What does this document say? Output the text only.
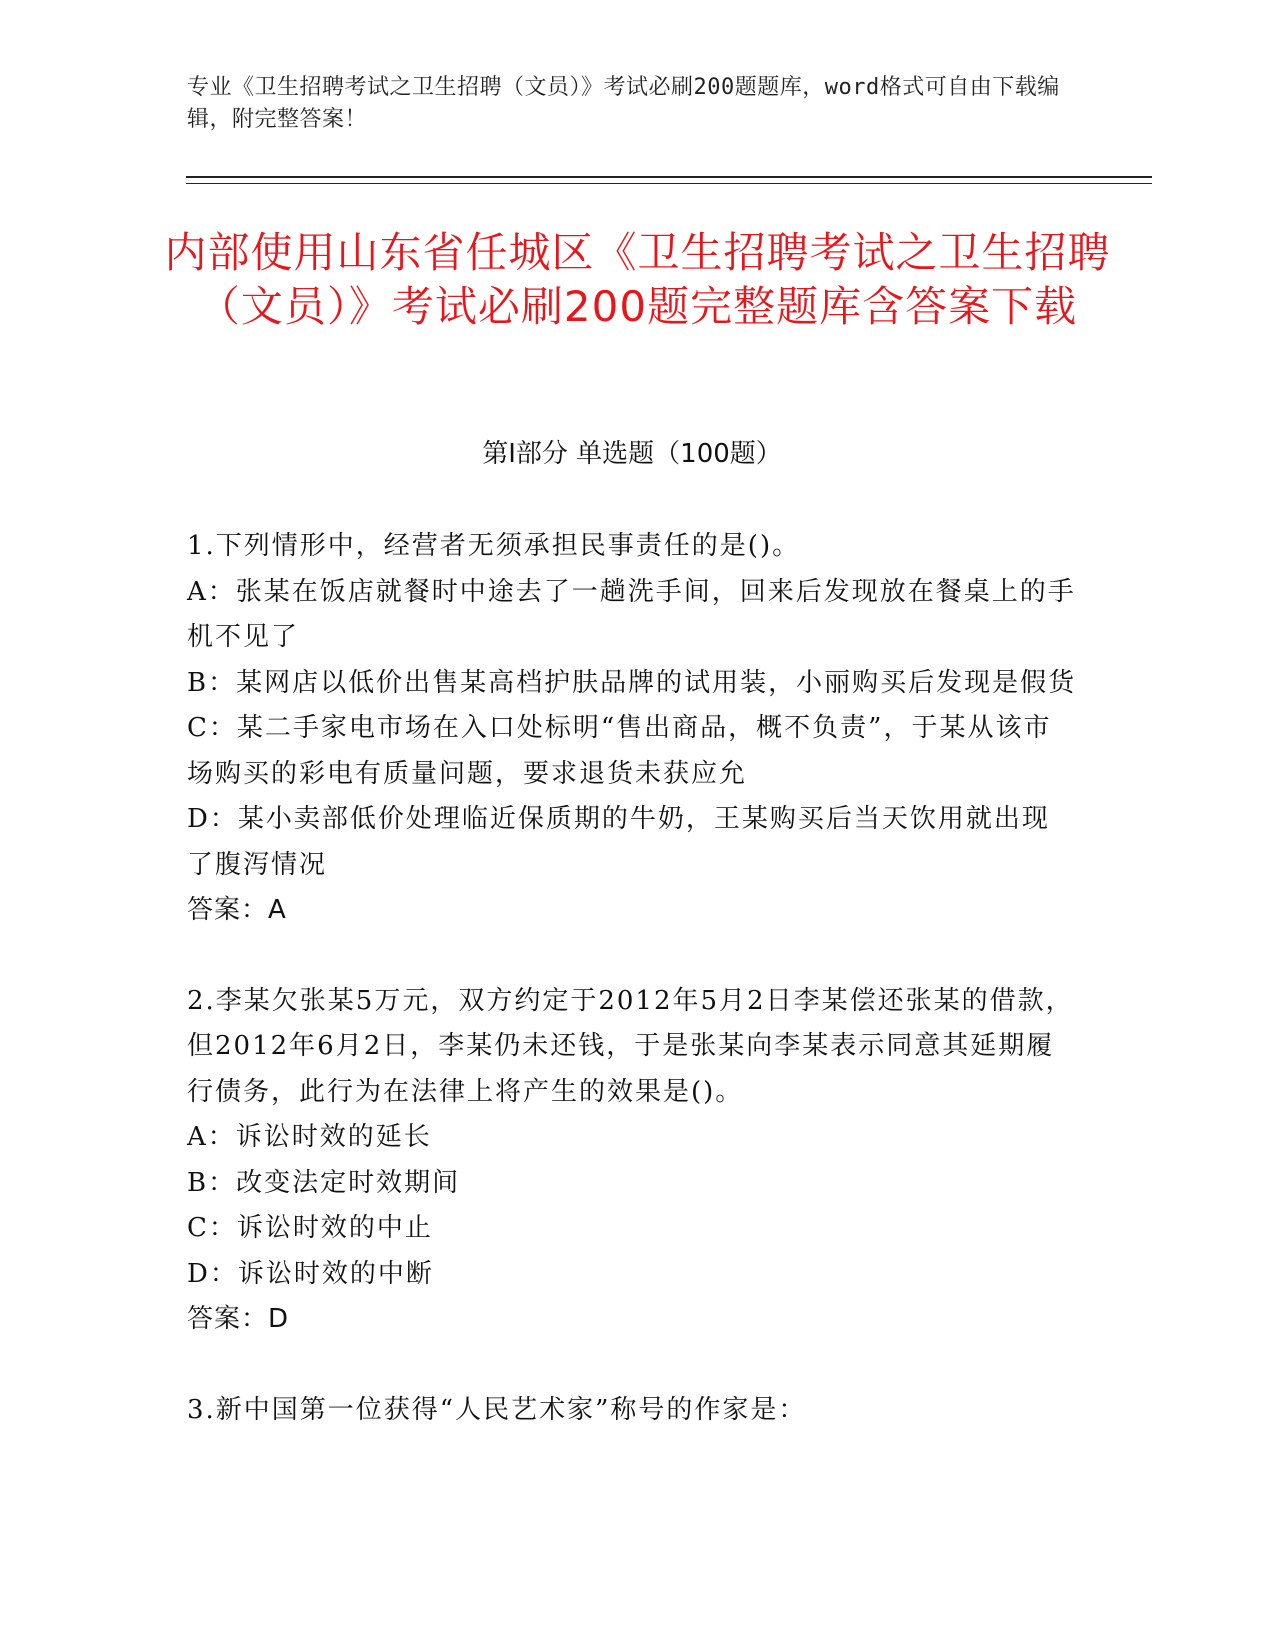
专业《卫生招聘考试之卫生招聘（文员）》考试必刷200题题库，word格式可自由下载编辑，附完整答案！
内部使用山东省任城区《卫生招聘考试之卫生招聘（文员）》考试必刷200题完整题库含答案下载
第Ⅰ部分 单选题（100题）

1.下列情形中，经营者无须承担民事责任的是()。

A：张某在饭店就餐时中途去了一趟洗手间，回来后发现放在餐桌上的手机不见了

B：某网店以低价出售某高档护肤品牌的试用装，小丽购买后发现是假货

C：某二手家电市场在入口处标明“售出商品，概不负责”，于某从该市场购买的彩电有质量问题，要求退货未获应允

D：某小卖部低价处理临近保质期的牛奶，王某购买后当天饮用就出现了腹泻情况

答案：A

2.李某欠张某5万元，双方约定于2012年5月2日李某偿还张某的借款，但2012年6月2日，李某仍未还钱，于是张某向李某表示同意其延期履行债务，此行为在法律上将产生的效果是()。

A：诉讼时效的延长

B：改变法定时效期间

C：诉讼时效的中止

D：诉讼时效的中断

答案：D

3.新中国第一位获得“人民艺术家”称号的作家是：
